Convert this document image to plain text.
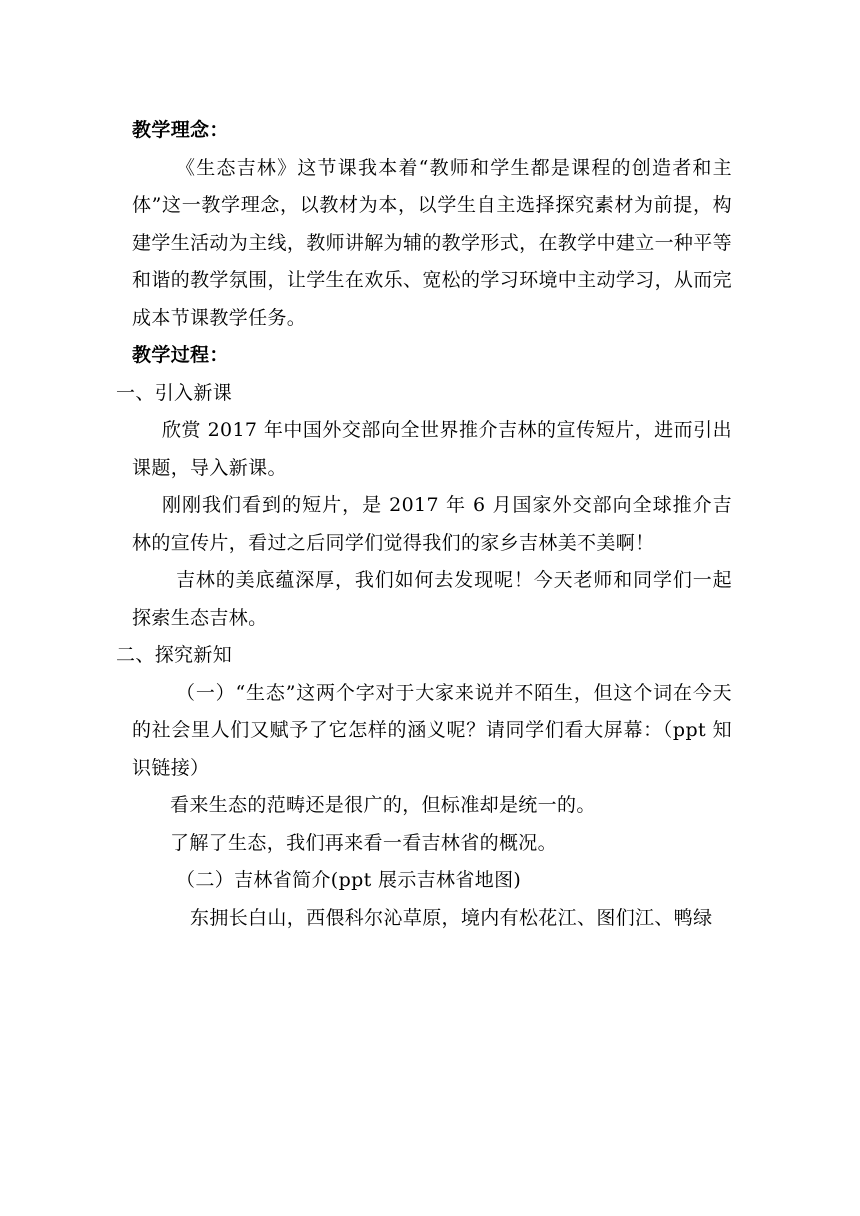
教学理念：

《生态吉林》这节课我本着“教师和学生都是课程的创造者和主体”这一教学理念，以教材为本，以学生自主选择探究素材为前提，构建学生活动为主线，教师讲解为辅的教学形式，在教学中建立一种平等和谐的教学氛围，让学生在欢乐、宽松的学习环境中主动学习，从而完成本节课教学任务。

教学过程：

一、引入新课

欣赏 2017 年中国外交部向全世界推介吉林的宣传短片，进而引出课题，导入新课。

刚刚我们看到的短片，是 2017 年 6 月国家外交部向全球推介吉林的宣传片，看过之后同学们觉得我们的家乡吉林美不美啊！

吉林的美底蕴深厚，我们如何去发现呢！今天老师和同学们一起探索生态吉林。

二、探究新知

（一）“生态”这两个字对于大家来说并不陌生，但这个词在今天的社会里人们又赋予了它怎样的涵义呢？请同学们看大屏幕：（ppt 知识链接）

看来生态的范畴还是很广的，但标准却是统一的。

了解了生态，我们再来看一看吉林省的概况。

（二）吉林省简介(ppt 展示吉林省地图)

东拥长白山，西偎科尔沁草原，境内有松花江、图们江、鸭绿
